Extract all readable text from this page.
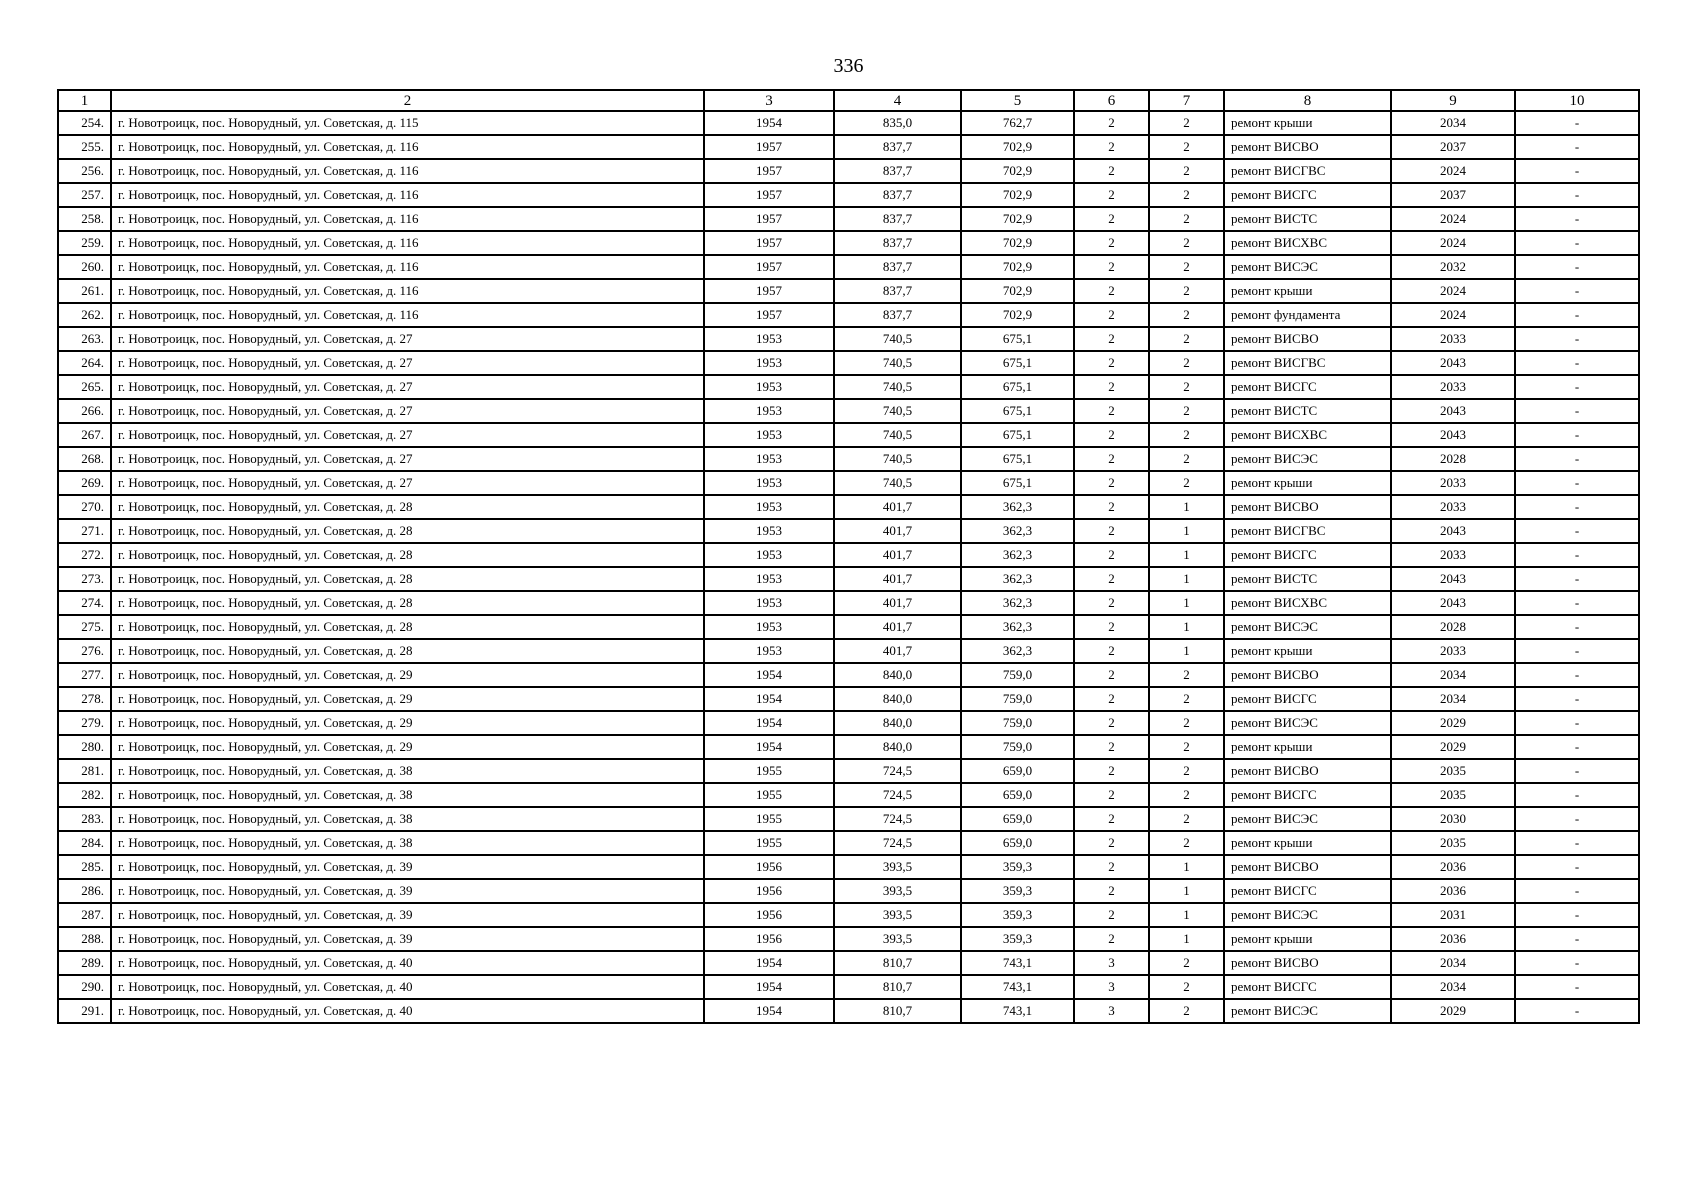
336
1	2	3	4	5	6	7	8	9	10
254.	г. Новотроицк, пос. Новорудный, ул. Советская, д. 115	1954	835,0	762,7	2	2	ремонт крыши	2034	-
255.	г. Новотроицк, пос. Новорудный, ул. Советская, д. 116	1957	837,7	702,9	2	2	ремонт ВИСВО	2037	-
256.	г. Новотроицк, пос. Новорудный, ул. Советская, д. 116	1957	837,7	702,9	2	2	ремонт ВИСГВС	2024	-
257.	г. Новотроицк, пос. Новорудный, ул. Советская, д. 116	1957	837,7	702,9	2	2	ремонт ВИСГС	2037	-
258.	г. Новотроицк, пос. Новорудный, ул. Советская, д. 116	1957	837,7	702,9	2	2	ремонт ВИСТС	2024	-
259.	г. Новотроицк, пос. Новорудный, ул. Советская, д. 116	1957	837,7	702,9	2	2	ремонт ВИСХВС	2024	-
260.	г. Новотроицк, пос. Новорудный, ул. Советская, д. 116	1957	837,7	702,9	2	2	ремонт ВИСЭС	2032	-
261.	г. Новотроицк, пос. Новорудный, ул. Советская, д. 116	1957	837,7	702,9	2	2	ремонт крыши	2024	-
262.	г. Новотроицк, пос. Новорудный, ул. Советская, д. 116	1957	837,7	702,9	2	2	ремонт фундамента	2024	-
263.	г. Новотроицк, пос. Новорудный, ул. Советская, д. 27	1953	740,5	675,1	2	2	ремонт ВИСВО	2033	-
264.	г. Новотроицк, пос. Новорудный, ул. Советская, д. 27	1953	740,5	675,1	2	2	ремонт ВИСГВС	2043	-
265.	г. Новотроицк, пос. Новорудный, ул. Советская, д. 27	1953	740,5	675,1	2	2	ремонт ВИСГС	2033	-
266.	г. Новотроицк, пос. Новорудный, ул. Советская, д. 27	1953	740,5	675,1	2	2	ремонт ВИСТС	2043	-
267.	г. Новотроицк, пос. Новорудный, ул. Советская, д. 27	1953	740,5	675,1	2	2	ремонт ВИСХВС	2043	-
268.	г. Новотроицк, пос. Новорудный, ул. Советская, д. 27	1953	740,5	675,1	2	2	ремонт ВИСЭС	2028	-
269.	г. Новотроицк, пос. Новорудный, ул. Советская, д. 27	1953	740,5	675,1	2	2	ремонт крыши	2033	-
270.	г. Новотроицк, пос. Новорудный, ул. Советская, д. 28	1953	401,7	362,3	2	1	ремонт ВИСВО	2033	-
271.	г. Новотроицк, пос. Новорудный, ул. Советская, д. 28	1953	401,7	362,3	2	1	ремонт ВИСГВС	2043	-
272.	г. Новотроицк, пос. Новорудный, ул. Советская, д. 28	1953	401,7	362,3	2	1	ремонт ВИСГС	2033	-
273.	г. Новотроицк, пос. Новорудный, ул. Советская, д. 28	1953	401,7	362,3	2	1	ремонт ВИСТС	2043	-
274.	г. Новотроицк, пос. Новорудный, ул. Советская, д. 28	1953	401,7	362,3	2	1	ремонт ВИСХВС	2043	-
275.	г. Новотроицк, пос. Новорудный, ул. Советская, д. 28	1953	401,7	362,3	2	1	ремонт ВИСЭС	2028	-
276.	г. Новотроицк, пос. Новорудный, ул. Советская, д. 28	1953	401,7	362,3	2	1	ремонт крыши	2033	-
277.	г. Новотроицк, пос. Новорудный, ул. Советская, д. 29	1954	840,0	759,0	2	2	ремонт ВИСВО	2034	-
278.	г. Новотроицк, пос. Новорудный, ул. Советская, д. 29	1954	840,0	759,0	2	2	ремонт ВИСГС	2034	-
279.	г. Новотроицк, пос. Новорудный, ул. Советская, д. 29	1954	840,0	759,0	2	2	ремонт ВИСЭС	2029	-
280.	г. Новотроицк, пос. Новорудный, ул. Советская, д. 29	1954	840,0	759,0	2	2	ремонт крыши	2029	-
281.	г. Новотроицк, пос. Новорудный, ул. Советская, д. 38	1955	724,5	659,0	2	2	ремонт ВИСВО	2035	-
282.	г. Новотроицк, пос. Новорудный, ул. Советская, д. 38	1955	724,5	659,0	2	2	ремонт ВИСГС	2035	-
283.	г. Новотроицк, пос. Новорудный, ул. Советская, д. 38	1955	724,5	659,0	2	2	ремонт ВИСЭС	2030	-
284.	г. Новотроицк, пос. Новорудный, ул. Советская, д. 38	1955	724,5	659,0	2	2	ремонт крыши	2035	-
285.	г. Новотроицк, пос. Новорудный, ул. Советская, д. 39	1956	393,5	359,3	2	1	ремонт ВИСВО	2036	-
286.	г. Новотроицк, пос. Новорудный, ул. Советская, д. 39	1956	393,5	359,3	2	1	ремонт ВИСГС	2036	-
287.	г. Новотроицк, пос. Новорудный, ул. Советская, д. 39	1956	393,5	359,3	2	1	ремонт ВИСЭС	2031	-
288.	г. Новотроицк, пос. Новорудный, ул. Советская, д. 39	1956	393,5	359,3	2	1	ремонт крыши	2036	-
289.	г. Новотроицк, пос. Новорудный, ул. Советская, д. 40	1954	810,7	743,1	3	2	ремонт ВИСВО	2034	-
290.	г. Новотроицк, пос. Новорудный, ул. Советская, д. 40	1954	810,7	743,1	3	2	ремонт ВИСГС	2034	-
291.	г. Новотроицк, пос. Новорудный, ул. Советская, д. 40	1954	810,7	743,1	3	2	ремонт ВИСЭС	2029	-
